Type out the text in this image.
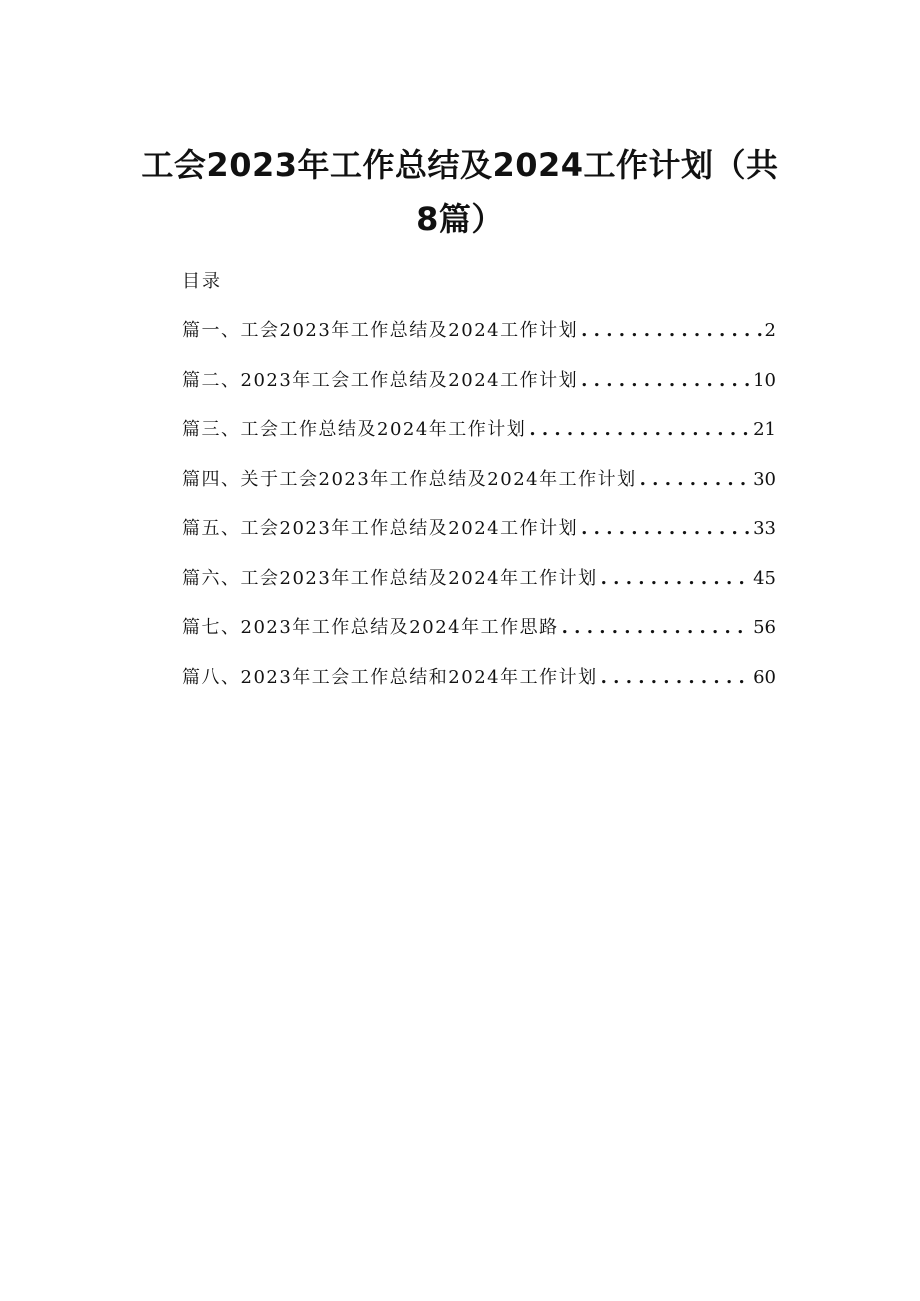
工会2023年工作总结及2024工作计划（共
8篇）

目录

篇一、工会2023年工作总结及2024工作计划 . . .	2
篇二、2023年工会工作总结及2024工作计划 . . .	10
篇三、工会工作总结及2024年工作计划 . . .	21
篇四、关于工会2023年工作总结及2024年工作计划 . . .	30
篇五、工会2023年工作总结及2024工作计划 . . .	33
篇六、工会2023年工作总结及2024年工作计划 . . .	45
篇七、2023年工作总结及2024年工作思路 . . .	56
篇八、2023年工会工作总结和2024年工作计划 . . .	60
